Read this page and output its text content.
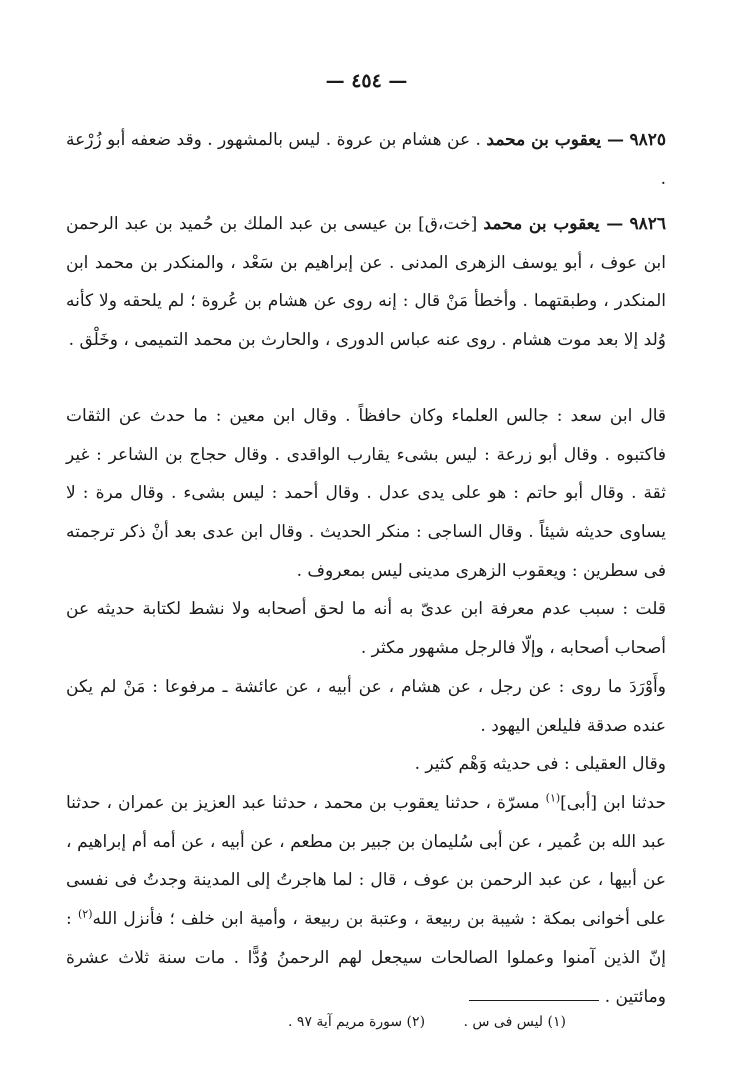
— ٤٥٤ —
٩٨٢٥ — يعقوب بن محمد . عن هشام بن عروة . ليس بالمشهور . وقد ضعفه أبو زُرْعة .
٩٨٢٦ — يعقوب بن محمد [خت،ق] بن عيسى بن عبد الملك بن حُميد بن عبد الرحمن ابن عوف ، أبو يوسف الزهرى المدنى . عن إبراهيم بن سَعْد ، والمنكدر بن محمد ابن المنكدر ، وطبقتهما . وأخطأ مَنْ قال : إنه روى عن هشام بن عُروة ؛ لم يلحقه ولا كأنه وُلد إلا بعد موت هشام . روى عنه عباس الدورى ، والحارث بن محمد التميمى ، وخَلْق .
قال ابن سعد : جالس العلماء وكان حافظاً . وقال ابن معين : ما حدث عن الثقات فاكتبوه . وقال أبو زرعة : ليس بشىء يقارب الواقدى . وقال حجاج بن الشاعر : غير ثقة . وقال أبو حاتم : هو على يدى عدل . وقال أحمد : ليس بشىء . وقال مرة : لا يساوى حديثه شيئاً . وقال الساجى : منكر الحديث . وقال ابن عدى بعد أنْ ذكر ترجمته فى سطرين : ويعقوب الزهرى مدينى ليس بمعروف .
قلت : سبب عدم معرفة ابن عدىّ به أنه ما لحق أصحابه ولا نشط لكتابة حديثه عن أصحاب أصحابه ، وإلّا فالرجل مشهور مكثر .
وأَوْرَدَ ما روى : عن رجل ، عن هشام ، عن أبيه ، عن عائشة ـ مرفوعا : مَنْ لم يكن عنده صدقة فليلعن اليهود .
وقال العقيلى : فى حديثه وَهْم كثير .
حدثنا ابن [أبى]$^{(١)}$ مسرّة ، حدثنا يعقوب بن محمد ، حدثنا عبد العزيز بن عمران ، حدثنا عبد الله بن عُمير ، عن أبى سُليمان بن جبير بن مطعم ، عن أبيه ، عن أمه أم إبراهيم ، عن أبيها ، عن عبد الرحمن بن عوف ، قال : لما هاجرتُ إلى المدينة وجدتُ فى نفسى على أخوانى بمكة : شيبة بن ربيعة ، وعتبة بن ربيعة ، وأمية ابن خلف ؛ فأنزل الله$^{(٢)}$ : إنّ الذين آمنوا وعملوا الصالحات سيجعل لهم الرحمنُ وُدًّا . مات سنة ثلاث عشرة ومائتين .
(١) ليس فى س . (٢) سورة مريم آية ٩٧ .
